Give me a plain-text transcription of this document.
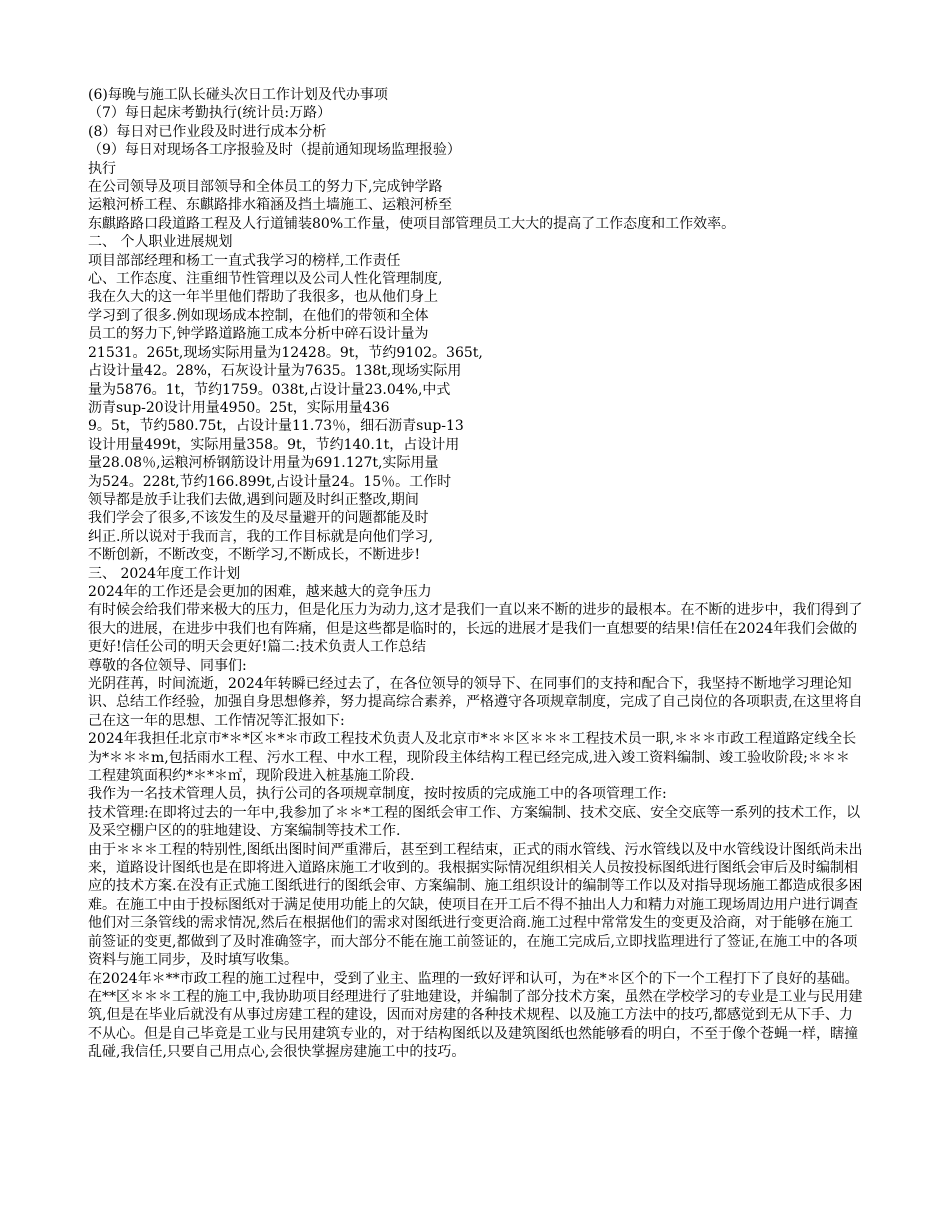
(6)每晚与施工队长碰头次日工作计划及代办事项

（7）每日起床考勤执行(统计员:万路）

(8）每日对已作业段及时进行成本分析

（9）每日对现场各工序报验及时（提前通知现场监理报验）

执行

在公司领导及项目部领导和全体员工的努力下,完成钟学路

运粮河桥工程、东麒路排水箱涵及挡土墙施工、运粮河桥至

东麒路路口段道路工程及人行道铺装80%工作量，使项目部管理员工大大的提高了工作态度和工作效率。

二、 个人职业进展规划

项目部部经理和杨工一直式我学习的榜样,工作责任

心、工作态度、注重细节性管理以及公司人性化管理制度,

我在久大的这一年半里他们帮助了我很多，也从他们身上

学习到了很多.例如现场成本控制，在他们的带领和全体

员工的努力下,钟学路道路施工成本分析中碎石设计量为

21531。265t,现场实际用量为12428。9t，节约9102。365t,

占设计量42。28%，石灰设计量为7635。138t,现场实际用

量为5876。1t，节约1759。038t,占设计量23.04%,中式

沥青sup-20设计用量4950。25t，实际用量436

9。5t，节约580.75t，占设计量11.73％，细石沥青sup-13

设计用量499t，实际用量358。9t，节约140.1t，占设计用

量28.08％,运粮河桥钢筋设计用量为691.127t,实际用量

为524。228t,节约166.899t,占设计量24。15％。工作时

领导都是放手让我们去做,遇到问题及时纠正整改,期间

我们学会了很多,不该发生的及尽量避开的问题都能及时

纠正.所以说对于我而言，我的工作目标就是向他们学习,

不断创新，不断改变，不断学习,不断成长，不断进步!

三、 2024年度工作计划

2024年的工作还是会更加的困难，越来越大的竞争压力

有时候会给我们带来极大的压力，但是化压力为动力,这才是我们一直以来不断的进步的最根本。在不断的进步中，我们得到了很大的进展，在进步中我们也有阵痛，但是这些都是临时的，长远的进展才是我们一直想要的结果!信任在2024年我们会做的更好!信任公司的明天会更好!篇二:技术负责人工作总结

尊敬的各位领导、同事们:

光阴荏苒，时间流逝，2024年转瞬已经过去了，在各位领导的领导下、在同事们的支持和配合下，我坚持不断地学习理论知识、总结工作经验，加强自身思想修养，努力提高综合素养，严格遵守各项规章制度，完成了自己岗位的各项职责,在这里将自己在这一年的思想、工作情况等汇报如下:

2024年我担任北京市*＊*区＊*＊市政工程技术负责人及北京市*＊＊区＊＊＊工程技术员一职,＊＊＊市政工程道路定线全长为*＊＊＊m,包括雨水工程、污水工程、中水工程，现阶段主体结构工程已经完成,进入竣工资料编制、竣工验收阶段;＊＊＊工程建筑面积约*＊*＊㎡，现阶段进入桩基施工阶段.

我作为一名技术管理人员，执行公司的各项规章制度，按时按质的完成施工中的各项管理工作:

技术管理:在即将过去的一年中,我参加了＊＊*工程的图纸会审工作、方案编制、技术交底、安全交底等一系列的技术工作，以及采空棚户区的的驻地建设、方案编制等技术工作.

由于＊＊＊工程的特别性,图纸出图时间严重滞后，甚至到工程结束，正式的雨水管线、污水管线以及中水管线设计图纸尚未出来，道路设计图纸也是在即将进入道路床施工才收到的。我根据实际情况组织相关人员按投标图纸进行图纸会审后及时编制相应的技术方案.在没有正式施工图纸进行的图纸会审、方案编制、施工组织设计的编制等工作以及对指导现场施工都造成很多困难。在施工中由于投标图纸对于满足使用功能上的欠缺，使项目在开工后不得不抽出人力和精力对施工现场周边用户进行调查他们对三条管线的需求情况,然后在根据他们的需求对图纸进行变更洽商.施工过程中常常发生的变更及洽商，对于能够在施工前签证的变更,都做到了及时准确签字，而大部分不能在施工前签证的，在施工完成后,立即找监理进行了签证,在施工中的各项资料与施工同步，及时填写收集。

在2024年＊**市政工程的施工过程中，受到了业主、监理的一致好评和认可，为在*＊区个的下一个工程打下了良好的基础。

在**区＊＊＊工程的施工中,我协助项目经理进行了驻地建设，并编制了部分技术方案，虽然在学校学习的专业是工业与民用建筑,但是在毕业后就没有从事过房建工程的建设，因而对房建的各种技术规程、以及施工方法中的技巧,都感觉到无从下手、力不从心。但是自己毕竟是工业与民用建筑专业的，对于结构图纸以及建筑图纸也然能够看的明白，不至于像个苍蝇一样，瞎撞乱碰,我信任,只要自己用点心,会很快掌握房建施工中的技巧。
